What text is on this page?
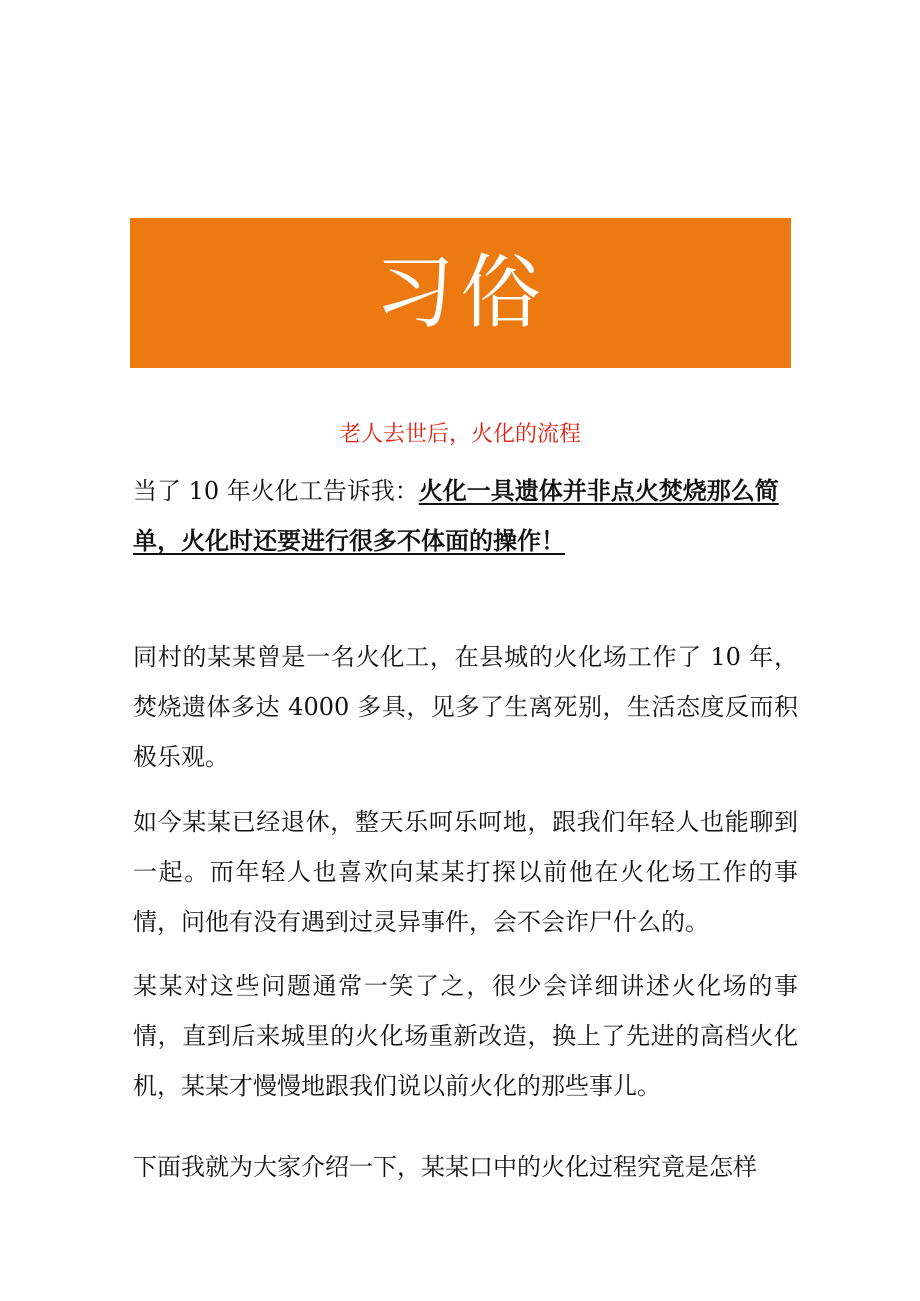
习俗
老人去世后，火化的流程

当了 10 年火化工告诉我：火化一具遗体并非点火焚烧那么简单，火化时还要进行很多不体面的操作！

同村的某某曾是一名火化工，在县城的火化场工作了 10 年，焚烧遗体多达 4000 多具，见多了生离死别，生活态度反而积极乐观。

如今某某已经退休，整天乐呵乐呵地，跟我们年轻人也能聊到一起。而年轻人也喜欢向某某打探以前他在火化场工作的事情，问他有没有遇到过灵异事件，会不会诈尸什么的。

某某对这些问题通常一笑了之，很少会详细讲述火化场的事情，直到后来城里的火化场重新改造，换上了先进的高档火化机，某某才慢慢地跟我们说以前火化的那些事儿。

下面我就为大家介绍一下，某某口中的火化过程究竟是怎样
